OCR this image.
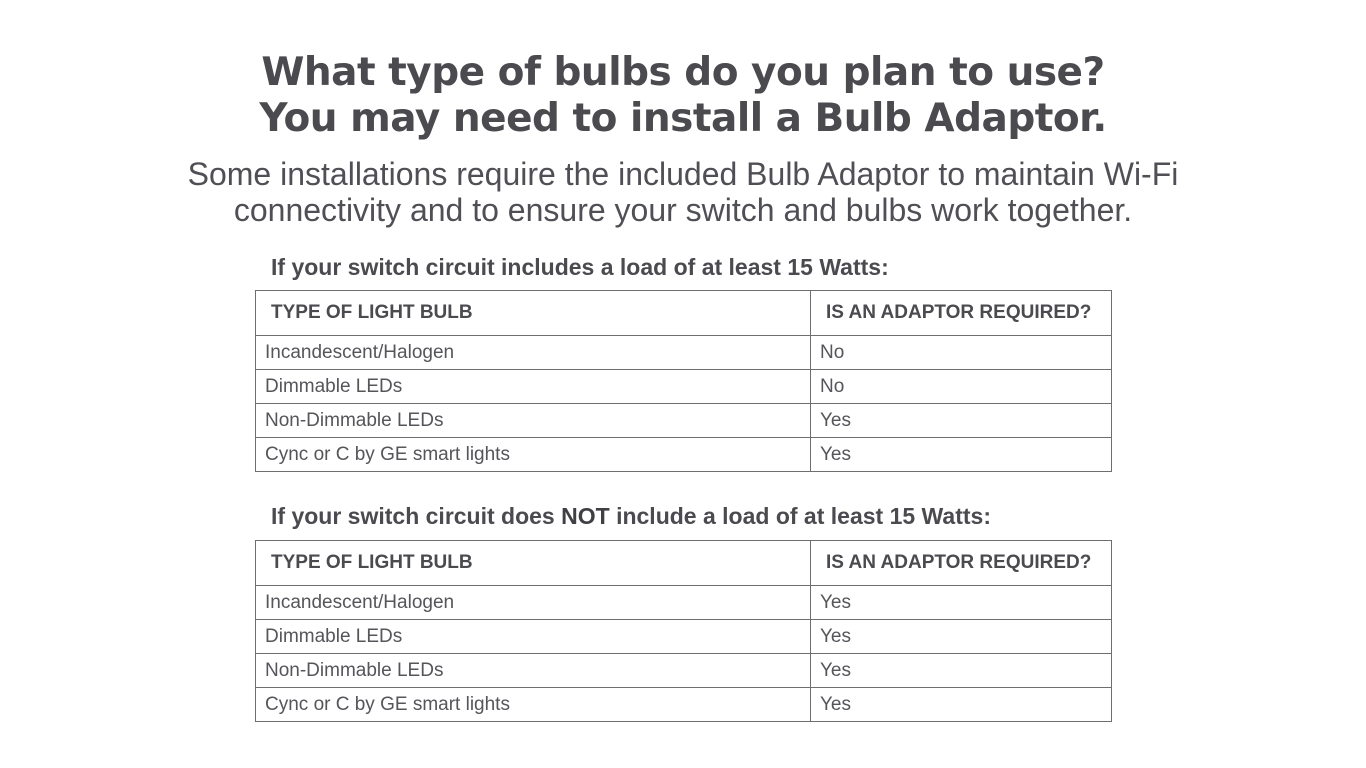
What type of bulbs do you plan to use?
You may need to install a Bulb Adaptor.

Some installations require the included Bulb Adaptor to maintain Wi-Fi
connectivity and to ensure your switch and bulbs work together.

If your switch circuit includes a load of at least 15 Watts:
TYPE OF LIGHT BULB	IS AN ADAPTOR REQUIRED?
Incandescent/Halogen	No
Dimmable LEDs	No
Non-Dimmable LEDs	Yes
Cync or C by GE smart lights	Yes
If your switch circuit does NOT include a load of at least 15 Watts:
TYPE OF LIGHT BULB	IS AN ADAPTOR REQUIRED?
Incandescent/Halogen	Yes
Dimmable LEDs	Yes
Non-Dimmable LEDs	Yes
Cync or C by GE smart lights	Yes
